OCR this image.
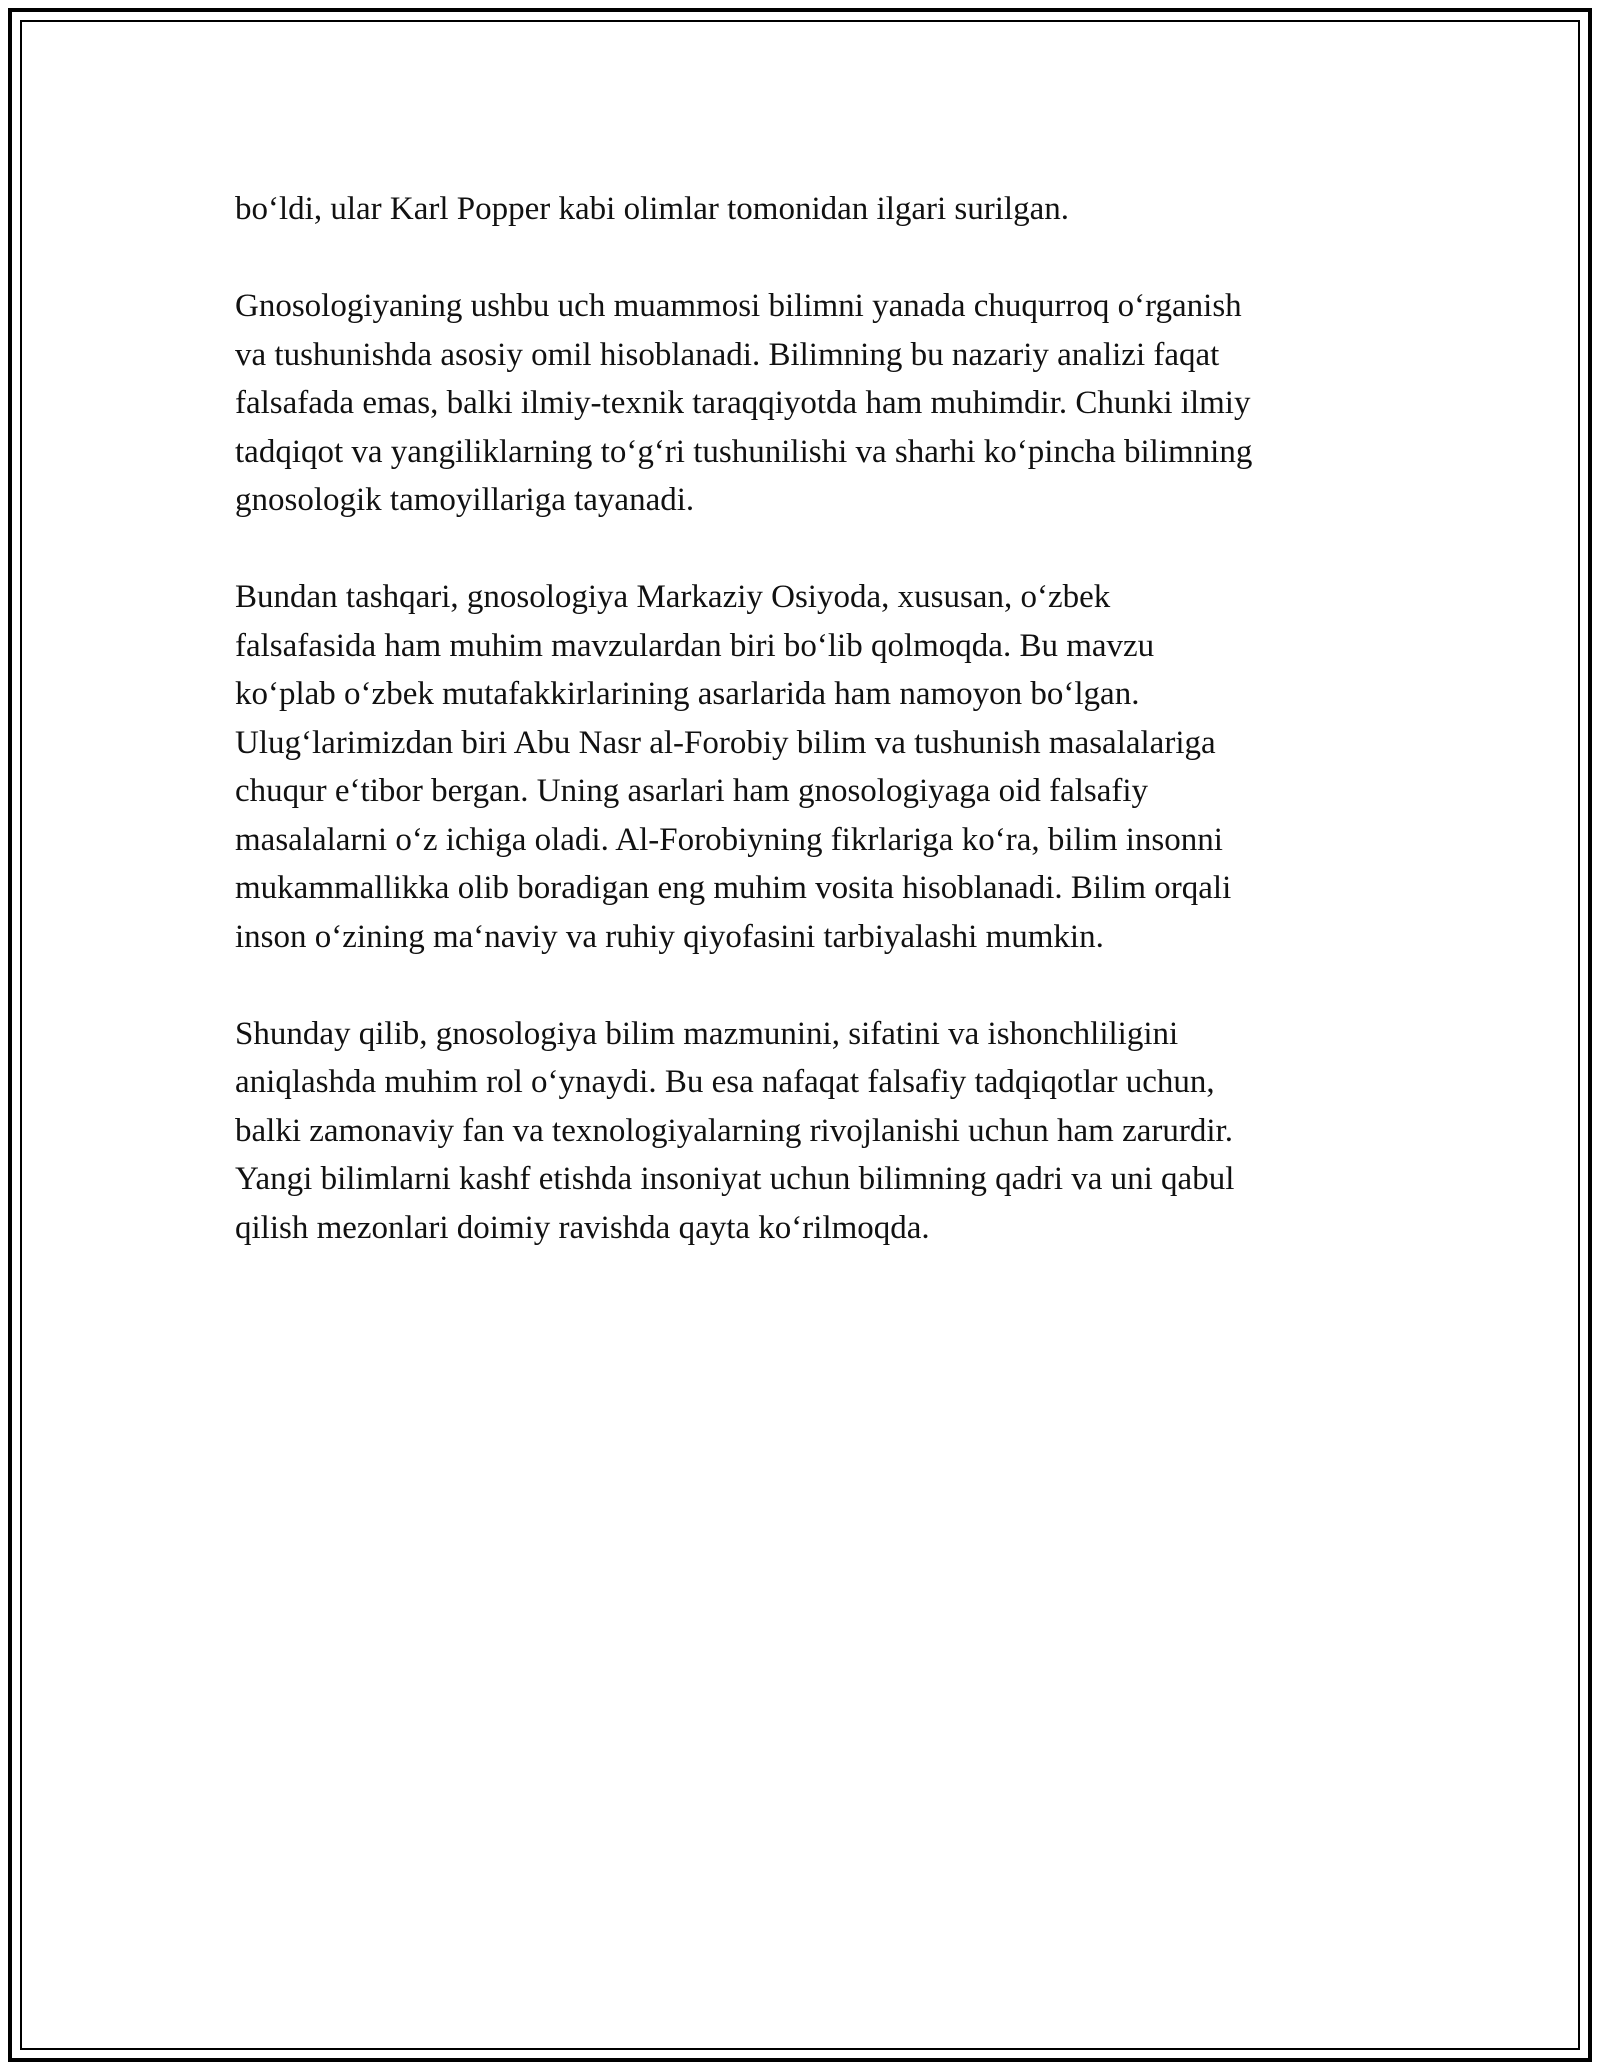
bo‘ldi, ular Karl Popper kabi olimlar tomonidan ilgari surilgan.

Gnosologiyaning ushbu uch muammosi bilimni yanada chuqurroq o‘rganish
va tushunishda asosiy omil hisoblanadi. Bilimning bu nazariy analizi faqat
falsafada emas, balki ilmiy-texnik taraqqiyotda ham muhimdir. Chunki ilmiy
tadqiqot va yangiliklarning to‘g‘ri tushunilishi va sharhi ko‘pincha bilimning
gnosologik tamoyillariga tayanadi.

Bundan tashqari, gnosologiya Markaziy Osiyoda, xususan, o‘zbek
falsafasida ham muhim mavzulardan biri bo‘lib qolmoqda. Bu mavzu
ko‘plab o‘zbek mutafakkirlarining asarlarida ham namoyon bo‘lgan.
Ulug‘larimizdan biri Abu Nasr al-Forobiy bilim va tushunish masalalariga
chuqur e‘tibor bergan. Uning asarlari ham gnosologiyaga oid falsafiy
masalalarni o‘z ichiga oladi. Al-Forobiyning fikrlariga ko‘ra, bilim insonni
mukammallikka olib boradigan eng muhim vosita hisoblanadi. Bilim orqali
inson o‘zining ma‘naviy va ruhiy qiyofasini tarbiyalashi mumkin.

Shunday qilib, gnosologiya bilim mazmunini, sifatini va ishonchliligini
aniqlashda muhim rol o‘ynaydi. Bu esa nafaqat falsafiy tadqiqotlar uchun,
balki zamonaviy fan va texnologiyalarning rivojlanishi uchun ham zarurdir.
Yangi bilimlarni kashf etishda insoniyat uchun bilimning qadri va uni qabul
qilish mezonlari doimiy ravishda qayta ko‘rilmoqda.
